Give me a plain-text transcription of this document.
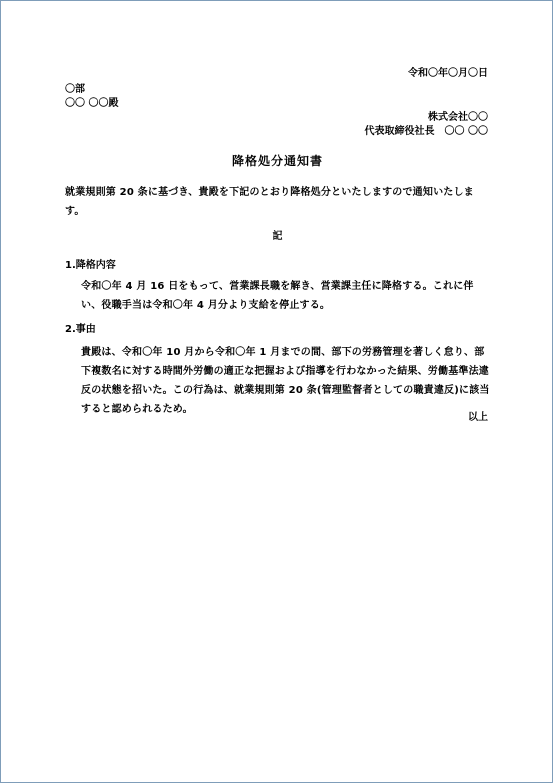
令和〇年〇月〇日
〇部
〇〇 〇〇殿
株式会社〇〇
代表取締役社長　〇〇 〇〇
降格処分通知書
就業規則第 20 条に基づき、貴殿を下記のとおり降格処分といたしますので通知いたします。
記
1.降格内容
令和〇年 4 月 16 日をもって、営業課長職を解き、営業課主任に降格する。これに伴い、役職手当は令和〇年 4 月分より支給を停止する。
2.事由
貴殿は、令和〇年 10 月から令和〇年 1 月までの間、部下の労務管理を著しく怠り、部下複数名に対する時間外労働の適正な把握および指導を行わなかった結果、労働基準法違反の状態を招いた。この行為は、就業規則第 20 条(管理監督者としての職責違反)に該当すると認められるため。
以上
